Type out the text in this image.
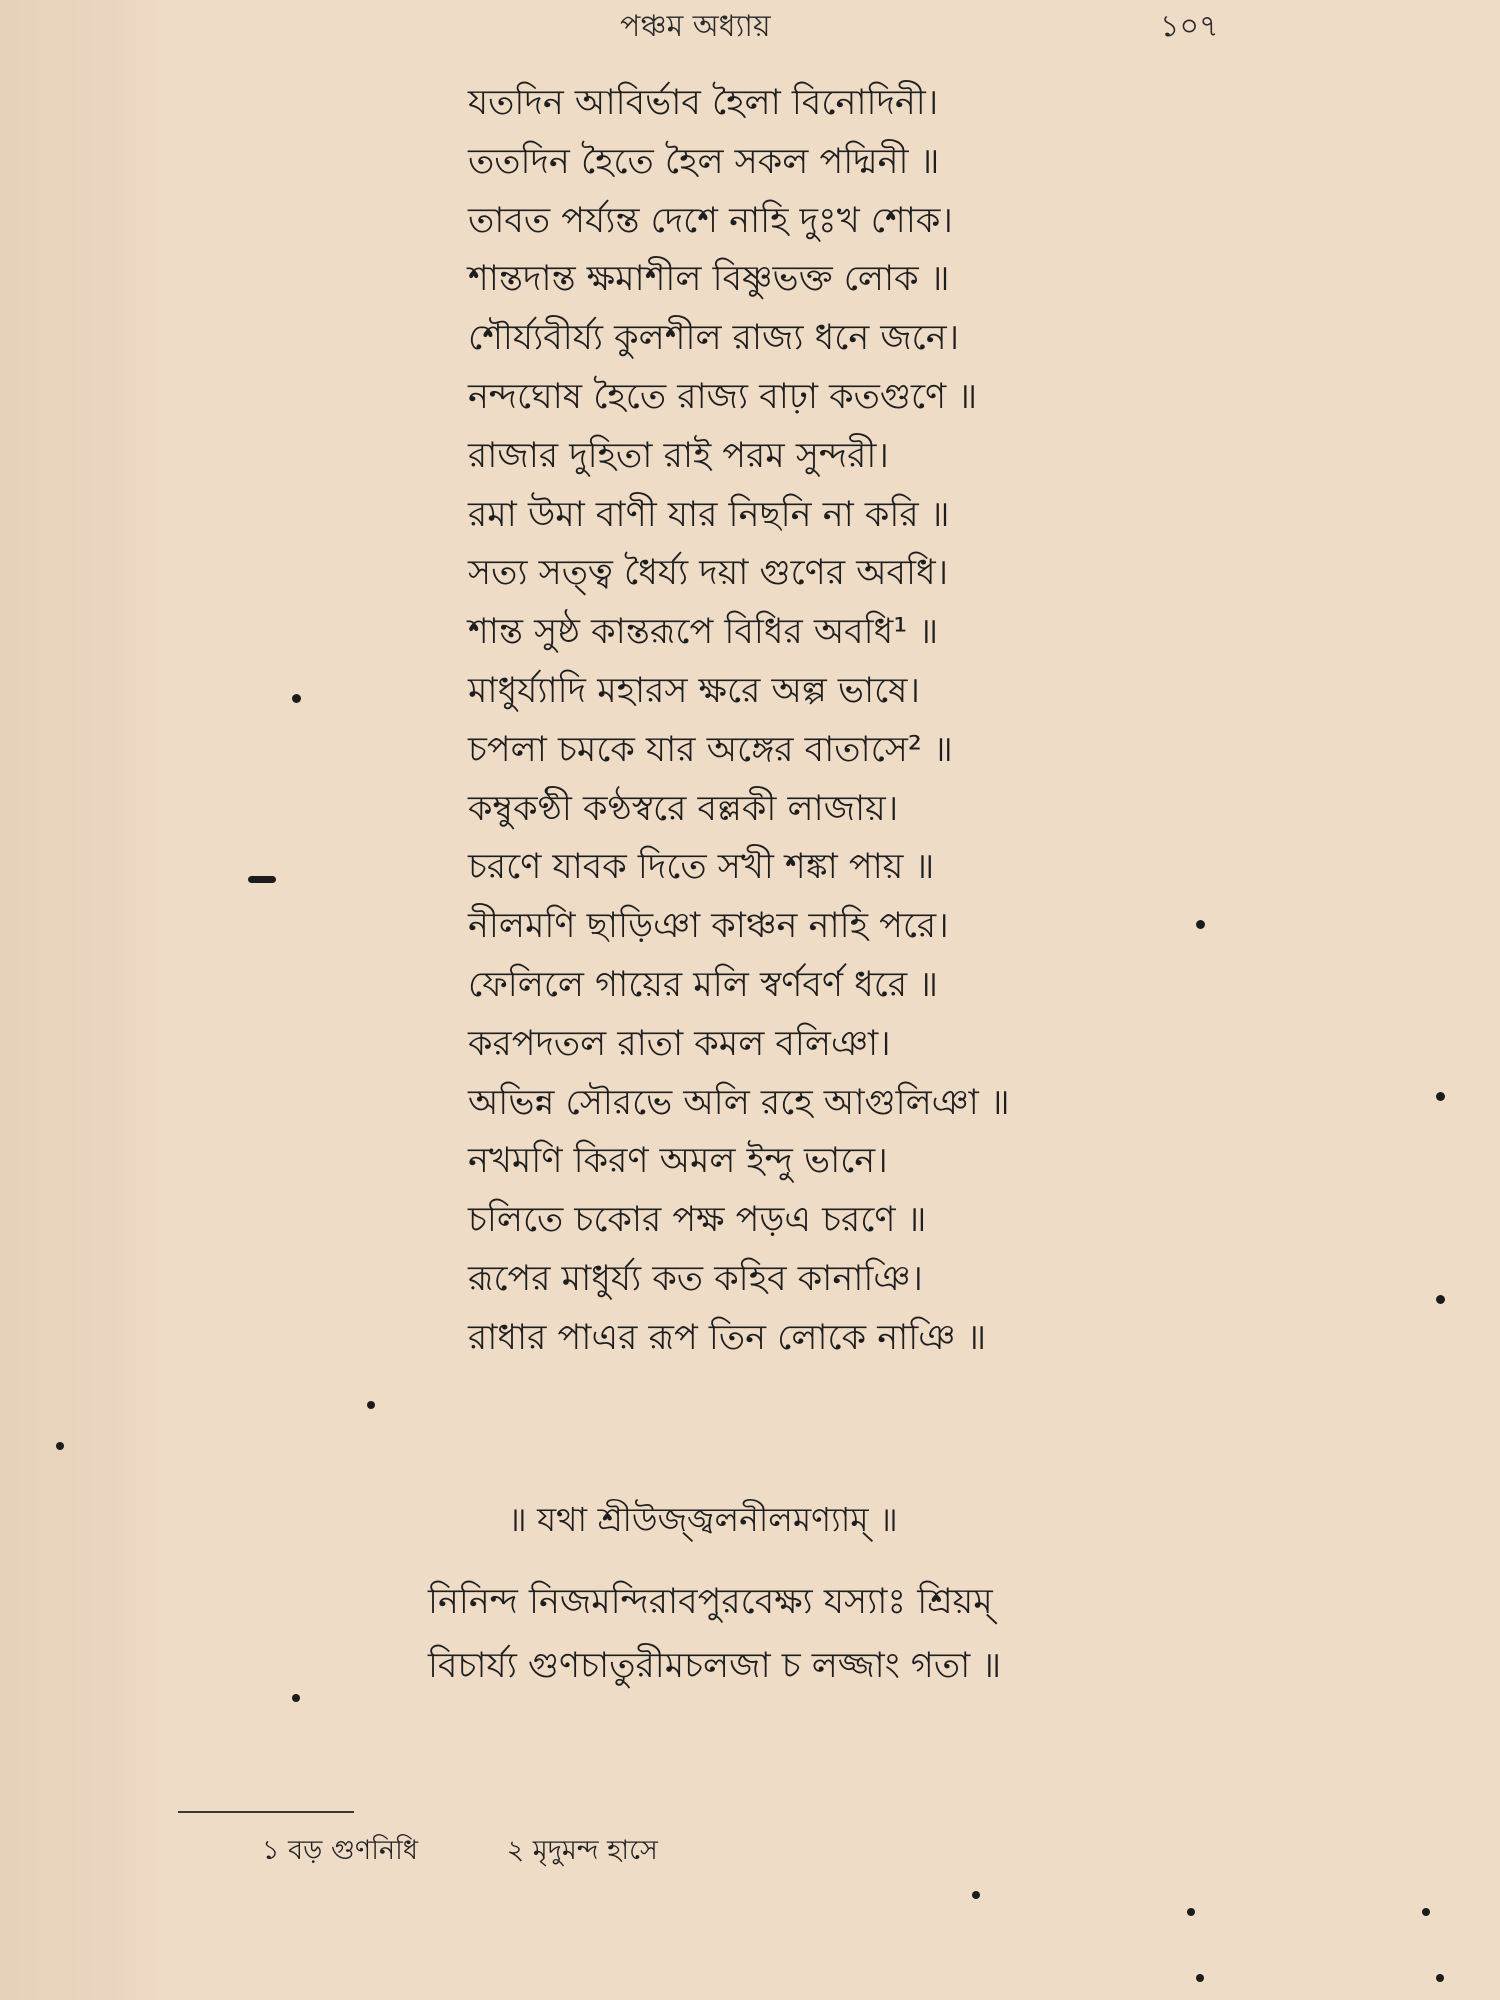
পঞ্চম অধ্যায়	১০৭
যতদিন আবির্ভাব হৈলা বিনোদিনী।
ততদিন হৈতে হৈল সকল পদ্মিনী ॥
তাবত পর্য্যন্ত দেশে নাহি দুঃখ শোক।
শান্তদান্ত ক্ষমাশীল বিষ্ণুভক্ত লোক ॥
শৌর্য্যবীর্য্য কুলশীল রাজ্য ধনে জনে।
নন্দঘোষ হৈতে রাজ্য বাঢ়া কতগুণে ॥
রাজার দুহিতা রাই পরম সুন্দরী।
রমা উমা বাণী যার নিছনি না করি ॥
সত্য সত্ত্ব ধৈর্য্য দয়া গুণের অবধি।
শান্ত সুষ্ঠ কান্তরূপে বিধির অবধি¹ ॥
মাধুর্য্যাদি মহারস ক্ষরে অল্প ভাষে।
চপলা চমকে যার অঙ্গের বাতাসে² ॥
কম্বুকণ্ঠী কণ্ঠস্বরে বল্লকী লাজায়।
চরণে যাবক দিতে সখী শঙ্কা পায় ॥
নীলমণি ছাড়িঞা কাঞ্চন নাহি পরে।
ফেলিলে গায়ের মলি স্বর্ণবর্ণ ধরে ॥
করপদতল রাতা কমল বলিঞা।
অভিন্ন সৌরভে অলি রহে আগুলিঞা ॥
নখমণি কিরণ অমল ইন্দু ভানে।
চলিতে চকোর পক্ষ পড়এ চরণে ॥
রূপের মাধুর্য্য কত কহিব কানাঞি।
রাধার পাএর রূপ তিন লোকে নাঞি ॥
॥ যথা শ্রীউজ্জ্বলনীলমণ্যাম্ ॥
নিনিন্দ নিজমন্দিরাবপুরবেক্ষ্য যস্যাঃ শ্রিয়ম্
বিচার্য্য গুণচাতুরীমচলজা চ লজ্জাং গতা ॥
১ বড় গুণনিধি	২ মৃদুমন্দ হাসে
